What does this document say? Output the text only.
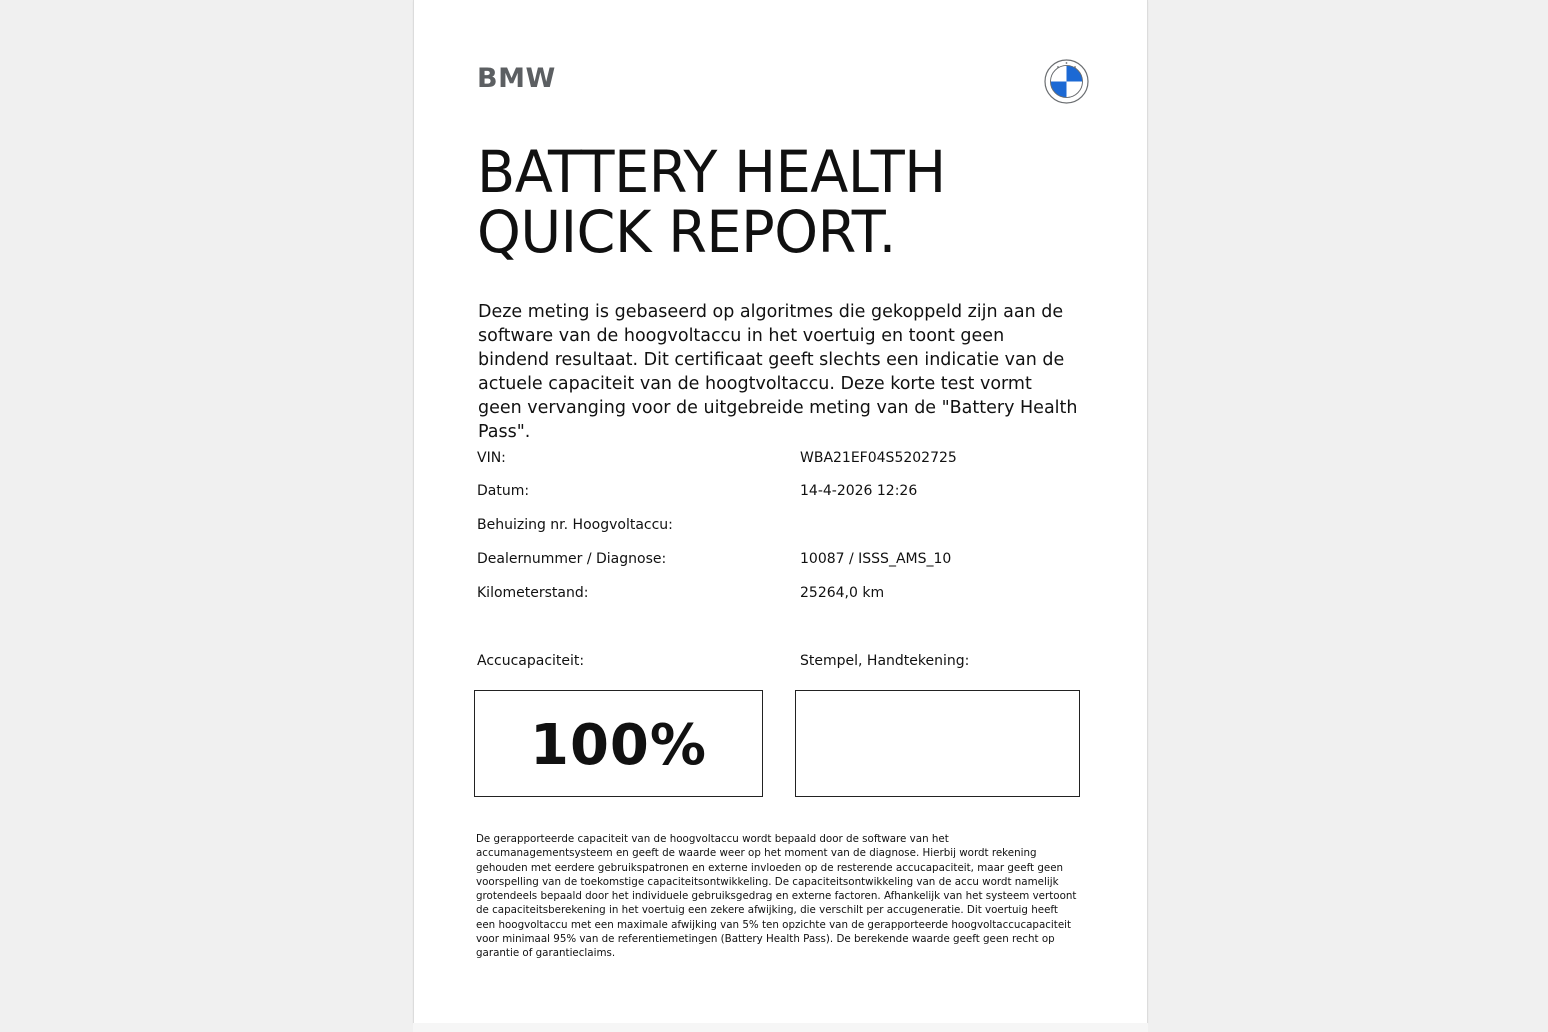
BMW
BATTERY HEALTH
QUICK REPORT.

Deze meting is gebaseerd op algoritmes die gekoppeld zijn aan de software van de hoogvoltaccu in het voertuig en toont geen bindend resultaat. Dit certificaat geeft slechts een indicatie van de actuele capaciteit van de hoogtvoltaccu. Deze korte test vormt geen vervanging voor de uitgebreide meting van de "Battery Health Pass".

VIN:	WBA21EF04S5202725
Datum:	14-4-2026 12:26
Behuizing nr. Hoogvoltaccu:
Dealernummer / Diagnose:	10087 / ISSS_AMS_10
Kilometerstand:	25264,0 km
Accucapaciteit:	Stempel, Handtekening:
100%

De gerapporteerde capaciteit van de hoogvoltaccu wordt bepaald door de software van het accumanagementsysteem en geeft de waarde weer op het moment van de diagnose. Hierbij wordt rekening gehouden met eerdere gebruikspatronen en externe invloeden op de resterende accucapaciteit, maar geeft geen voorspelling van de toekomstige capaciteitsontwikkeling. De capaciteitsontwikkeling van de accu wordt namelijk grotendeels bepaald door het individuele gebruiksgedrag en externe factoren. Afhankelijk van het systeem vertoont de capaciteitsberekening in het voertuig een zekere afwijking, die verschilt per accugeneratie. Dit voertuig heeft een hoogvoltaccu met een maximale afwijking van 5% ten opzichte van de gerapporteerde hoogvoltaccucapaciteit voor minimaal 95% van de referentiemetingen (Battery Health Pass). De berekende waarde geeft geen recht op garantie of garantieclaims.
